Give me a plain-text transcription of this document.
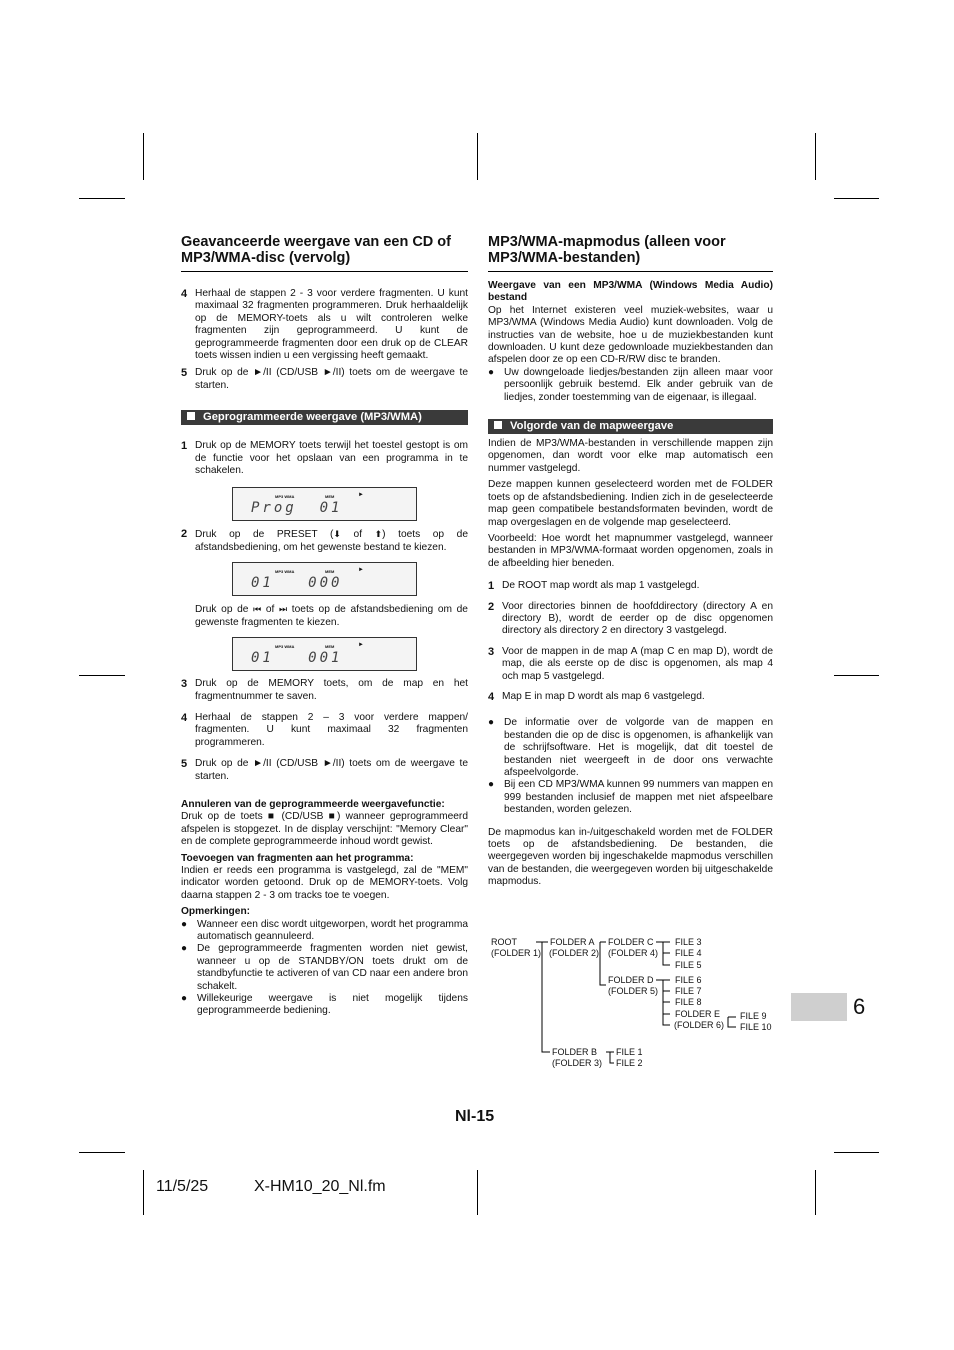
Geavanceerde weergave van een CD of MP3/WMA-disc (vervolg)
4 Herhaal de stappen 2 - 3 voor verdere fragmenten. U kunt maximaal 32 fragmenten programmeren. Druk herhaaldelijk op de MEMORY-toets als u wilt controleren welke fragmenten zijn geprogrammeerd. U kunt de geprogrammeerde fragmenten door een druk op de CLEAR toets wissen indien u een vergissing heeft gemaakt.
5 Druk op de ►/II (CD/USB ►/II) toets om de weergave te starten.
Geprogrammeerde weergave (MP3/WMA)
1 Druk op de MEMORY toets terwijl het toestel gestopt is om de functie voor het opslaan van een programma in te schakelen.
MP3 WMA	MEM	►
Prog  01
2 Druk op de PRESET (⬇ of ⬆) toets op de afstandsbediening, om het gewenste bestand te kiezen.
MP3 WMA	MEM	►
01   000
Druk op de ⏮ of ⏭ toets op de afstandsbediening om de gewenste fragmenten te kiezen.
MP3 WMA	MEM	►
01   001
3 Druk op de MEMORY toets, om de map en het fragmentnummer te saven.
4 Herhaal de stappen 2 – 3 voor verdere mappen/ fragmenten. U kunt maximaal 32 fragmenten programmeren.
5 Druk op de ►/II (CD/USB ►/II) toets om de weergave te starten.

Annuleren van de geprogrammeerde weergavefunctie:

Druk op de toets ■ (CD/USB ■) wanneer geprogrammeerd afspelen is stopgezet. In de display verschijnt: "Memory Clear" en de complete geprogrammeerde inhoud wordt gewist.

Toevoegen van fragmenten aan het programma:

Indien er reeds een programma is vastgelegd, zal de "MEM" indicator worden getoond. Druk op de MEMORY-toets. Volg daarna stappen 2 - 3 om tracks toe te voegen.

Opmerkingen:

● Wanneer een disc wordt uitgeworpen, wordt het programma automatisch geannuleerd.
● De geprogrammeerde fragmenten worden niet gewist, wanneer u op de STANDBY/ON toets drukt om de standbyfunctie te activeren of van CD naar een andere bron schakelt.
● Willekeurige weergave is niet mogelijk tijdens geprogrammeerde bediening.
MP3/WMA-mapmodus (alleen voor MP3/WMA-bestanden)

Weergave van een MP3/WMA (Windows Media Audio) bestand

Op het Internet existeren veel muziek-websites, waar u MP3/WMA (Windows Media Audio) kunt downloaden. Volg de instructies van de website, hoe u de muziekbestanden kunt downloaden. U kunt deze gedownloade muziekbestanden dan afspelen door ze op een CD-R/RW disc te branden.

● Uw downgeloade liedjes/bestanden zijn alleen maar voor persoonlijk gebruik bestemd. Elk ander gebruik van de liedjes, zonder toestemming van de eigenaar, is illegaal.
Volgorde van de mapweergave

Indien de MP3/WMA-bestanden in verschillende mappen zijn opgenomen, dan wordt voor elke map automatisch een nummer vastgelegd.

Deze mappen kunnen geselecteerd worden met de FOLDER toets op de afstandsbediening. Indien zich in de geselecteerde map geen compatibele bestandsformaten bevinden, wordt de map overgeslagen en de volgende map geselecteerd.

Voorbeeld: Hoe wordt het mapnummer vastgelegd, wanneer bestanden in MP3/WMA-formaat worden opgenomen, zoals in de afbeelding hier beneden.

1 De ROOT map wordt als map 1 vastgelegd.
2 Voor directories binnen de hoofddirectory (directory A en directory B), wordt de eerder op de disc opgenomen directory als directory 2 en directory 3 vastgelegd.
3 Voor de mappen in de map A (map C en map D), wordt de map, die als eerste op de disc is opgenomen, als map 4 och map 5 vastgelegd.
4 Map E in map D wordt als map 6 vastgelegd.
● De informatie over de volgorde van de mappen en bestanden die op de disc is opgenomen, is afhankelijk van de schrijfsoftware. Het is mogelijk, dat dit toestel de bestanden niet weergeeft in de door ons verwachte afspeelvolgorde.
● Bij een CD MP3/WMA kunnen 99 nummers van mappen en 999 bestanden inclusief de mappen met niet afspeelbare bestanden, worden gelezen.

De mapmodus kan in-/uitgeschakeld worden met de FOLDER toets op de afstandsbediening. De bestanden, die weergegeven worden bij ingeschakelde mapmodus verschillen van de bestanden, die weergegeven worden bij uitgeschakelde mapmodus.

ROOT
(FOLDER 1)
FOLDER A
(FOLDER 2)
FOLDER C
(FOLDER 4)
FOLDER D
(FOLDER 5)
FILE 3
FILE 4
FILE 5
FILE 6
FILE 7
FILE 8
FOLDER E
(FOLDER 6)
FILE 9
FILE 10
FOLDER B
(FOLDER 3)
FILE 1
FILE 2
6
Nl-15
11/5/25	X-HM10_20_Nl.fm
